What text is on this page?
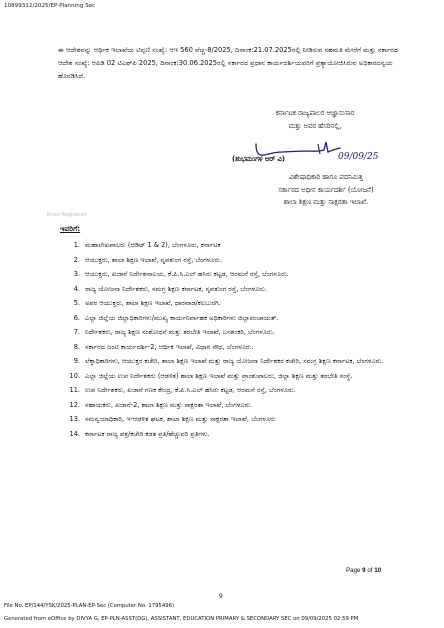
10899312/2025/EP-Planning Sec
ಈ ಆದೇಶವನ್ನು ಆರ್ಥಿಕ ಇಲಾಖೆಯ ಟಿಪ್ಪಣಿ ಸಂಖ್ಯೆ: ಆಇ 560 ವೆಚ್ಚ-8/2025, ದಿನಾಂಕ:21.07.2025ರಲ್ಲಿ ನೀಡಿರುವ ಸಹಮತಿ ಮೇರೆಗೆ ಮತ್ತು ಸರ್ಕಾರದ ಆದೇಶ ಸಂಖ್ಯೆ: ಆಪಿಡಿ 02 ಟಿಎಫ್‌ಪಿ 2025, ದಿನಾಂಕ:30.06.2025ರಲ್ಲಿ ಸರ್ಕಾರದ ಪ್ರಧಾನ ಕಾರ್ಯದರ್ಶಿಯವರಿಗೆ ಪ್ರತ್ಯಾಯೋಜಿಸಿರುವ ಅಧಿಕಾರದನ್ವಯ ಹೊರಡಿಸಿದೆ.
ಕರ್ನಾಟಕ ರಾಜ್ಯಪಾಲರ ಆಜ್ಞಾನುಸಾರ
ಮತ್ತು ಅವರ ಹೆಸರಿನಲ್ಲಿ,
(ಶುಭಮಂಗಳ ಆರ್ ವಿ)	09/09/25
ವಿಶೇಷಾಧಿಕಾರಿ ಹಾಗೂ ಪದನಿಮಿತ್ತ
ಸರ್ಕಾರದ ಅಧೀನ ಕಾರ್ಯದರ್ಶಿ (ಯೋಜನೆ)
ಶಾಲಾ ಶಿಕ್ಷಣ ಮತ್ತು ಸಾಕ್ಷರತಾ ಇಲಾಖೆ.
Kiran Raghavan
ಇವರಿಗೆ:
1. ಮಹಾಲೇಖಪಾಲರು (ಆಡಿಟ್ 1 & 2), ಬೆಂಗಳೂರು, ಕರ್ನಾಟಕ
2. ಆಯುಕ್ತರು, ಶಾಲಾ ಶಿಕ್ಷಣ ಇಲಾಖೆ, ನೃಪತುಂಗ ರಸ್ತೆ, ಬೆಂಗಳೂರು.
3. ಆಯುಕ್ತರು, ಖಜಾನೆ ನಿರ್ದೇಶನಾಲಯ, ಕೆ.ಪಿ.ಸಿ.ಎಲ್ ಹಸಿರು ಕಟ್ಟಡ, ಆರಮನೆ ರಸ್ತೆ, ಬೆಂಗಳೂರು.
4. ರಾಜ್ಯ ಯೋಜನಾ ನಿರ್ದೇಶಕರು, ಸಮಗ್ರ ಶಿಕ್ಷಣ ಕರ್ನಾಟಕ, ನೃಪತುಂಗ ರಸ್ತೆ, ಬೆಂಗಳೂರು.
5. ಅಪರ ಆಯುಕ್ತರು, ಶಾಲಾ ಶಿಕ್ಷಣ ಇಲಾಖೆ, ಧಾರವಾಡ/ಕಲಬುರಗಿ.
6. ಎಲ್ಲಾ ಜಿಲ್ಲೆಯ ಜಿಲ್ಲಾಧಿಕಾರಿಗಳು/ಮುಖ್ಯ ಕಾರ್ಯನಿರ್ವಾಹಕ ಅಧಿಕಾರಿಗಳು ಜಿಲ್ಲಾಪಂಚಾಯತ್.
7. ನಿರ್ದೇಶಕರು, ರಾಜ್ಯ ಶಿಕ್ಷಣ ಸಂಶೋಧನೆ ಮತ್ತು ತರಬೇತಿ ಇಲಾಖೆ, ಬನಶಂಕರಿ, ಬೆಂಗಳೂರು.
8. ಸರ್ಕಾರದ ಜಂಟಿ ಕಾರ್ಯದರ್ಶಿ-2, ಆರ್ಥಿಕ ಇಲಾಖೆ, ವಿಧಾನ ಸೌಧ, ಬೆಂಗಳೂರು.
9. ಲೆಕ್ಕಾಧಿಕಾರಿಗಳು, ಆಯುಕ್ತರ ಕಚೇರಿ, ಶಾಲಾ ಶಿಕ್ಷಣ ಇಲಾಖೆ ಮತ್ತು ರಾಜ್ಯ ಯೋಜನಾ ನಿರ್ದೇಶಕರ ಕಚೇರಿ, ಸಮಗ್ರ ಶಿಕ್ಷಣ ಕರ್ನಾಟಕ, ಬೆಂಗಳೂರು.
10. ಎಲ್ಲಾ ಜಿಲ್ಲೆಯ ಉಪ ನಿರ್ದೇಶಕರು (ಆಡಳಿತ) ಶಾಲಾ ಶಿಕ್ಷಣ ಇಲಾಖೆ ಮತ್ತು ಪ್ರಾಂಶುಪಾಲರು, ಜಿಲ್ಲಾ ಶಿಕ್ಷಣ ಮತ್ತು ತರಬೇತಿ ಸಂಸ್ಥೆ.
11. ಉಪ ನಿರ್ದೇಶಕರು, ಖಜಾನೆ ಗಣಕ ಕೇಂದ್ರ, ಕೆ.ಪಿ.ಸಿ.ಎಲ್ ಹಸಿರು ಕಟ್ಟಡ, ಆರಮನೆ ರಸ್ತೆ, ಬೆಂಗಳೂರು.
12. ಸಹಾಯಕರು, ಖಜಾನೆ-2, ಶಾಲಾ ಶಿಕ್ಷಣ ಮತ್ತು ಸಾಕ್ಷರತಾ ಇಲಾಖೆ, ಬೆಂಗಳೂರು.
13. ಸಮನ್ವಯಾಧಿಕಾರಿ, ಇ-ಆಡಳಿತ ಘಟಕ, ಶಾಲಾ ಶಿಕ್ಷಣ ಮತ್ತು ಸಾಕ್ಷರತಾ ಇಲಾಖೆ, ಬೆಂಗಳೂರು
14. ಕರ್ನಾಟಕ ರಾಜ್ಯ ಪತ್ರ/ಕಚೇರಿ ಕಡತ ಪ್ರತಿ/ಹೆಚ್ಚುವರಿ ಪ್ರತಿಗಳು.
Page 9 of 10
9
File No. EP/144/YSK/2025-PLAN-EP-Sec (Computer No. 1795496)
Generated from eOffice by DIVYA G, EP-PLN-ASST(DG), ASSISTANT, EDUCATION PRIMARY & SECONDARY SEC on 09/09/2025 02:59 PM
